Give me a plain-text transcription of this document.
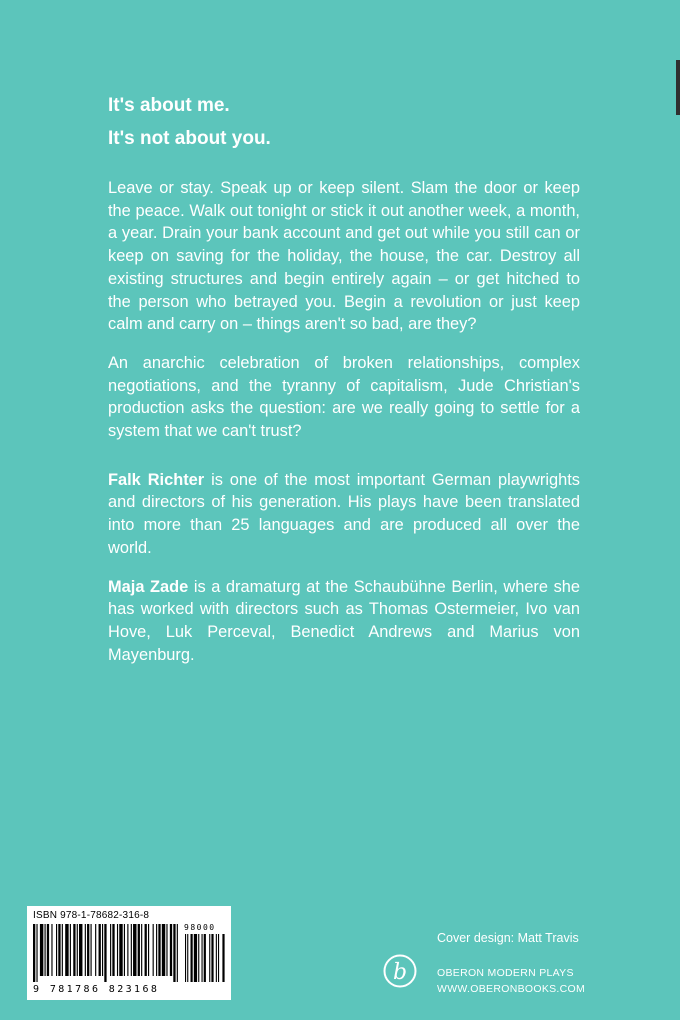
It's about me.

It's not about you.

Leave or stay. Speak up or keep silent. Slam the door or keep the peace. Walk out tonight or stick it out another week, a month, a year. Drain your bank account and get out while you still can or keep on saving for the holiday, the house, the car. Destroy all existing structures and begin entirely again – or get hitched to the person who betrayed you. Begin a revolution or just keep calm and carry on – things aren't so bad, are they?

An anarchic celebration of broken relationships, complex negotiations, and the tyranny of capitalism, Jude Christian's production asks the question: are we really going to settle for a system that we can't trust?

Falk Richter is one of the most important German playwrights and directors of his generation. His plays have been translated into more than 25 languages and are produced all over the world.

Maja Zade is a dramaturg at the Schaubühne Berlin, where she has worked with directors such as Thomas Ostermeier, Ivo van Hove, Luk Perceval, Benedict Andrews and Marius von Mayenburg.

ISBN 978-1-78682-316-8
98000
9 781786 823168
Cover design: Matt Travis
b	OBERON MODERN PLAYS
WWW.OBERONBOOKS.COM
